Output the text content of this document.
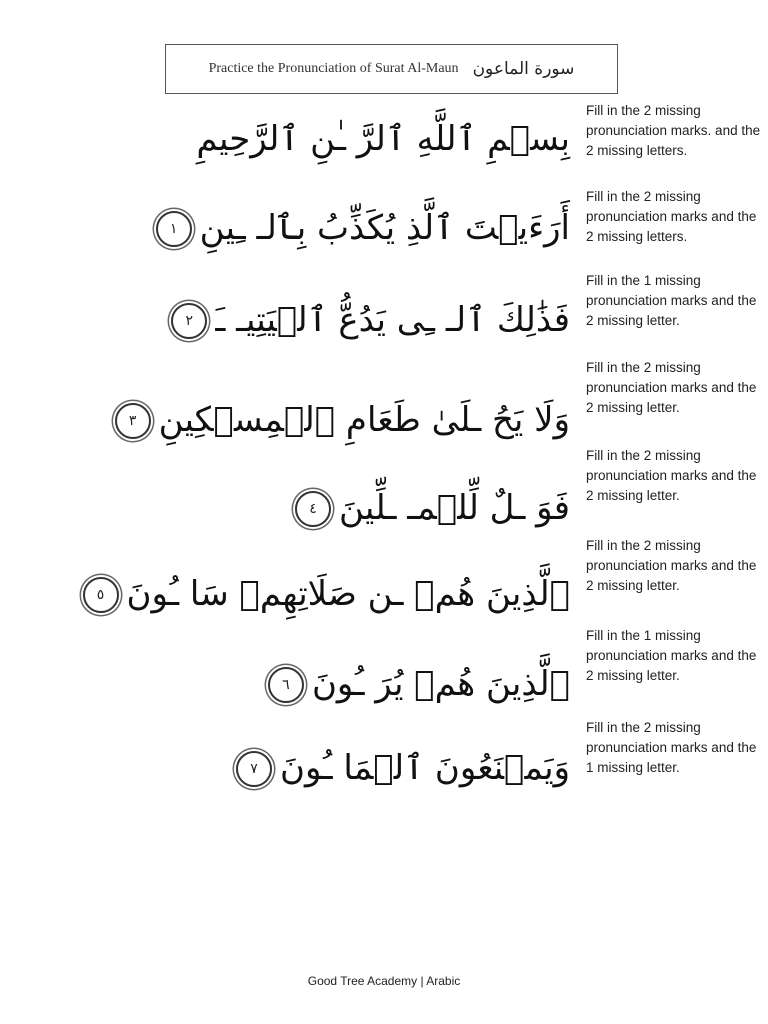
Practice the Pronunciation of Surat Al-Maun سورة الماعون
بِسۡمِ ٱللَّهِ ٱلرَّ ـٰنِ ٱلرَّحِيمِ
أَرَءَيۡتَ ٱلَّذِ يُكَذِّبُ بِٱلـ ـِينِ١
فَذَٰلِكَ ٱلـ ـِى يَدُعُّ ٱلۡيَتِيـ ـَ٢
وَلَا يَحُ ـلَىٰ طَعَامِ ٱلۡمِسۡكِينِ٣
فَوَ ـلٌ لِّلۡمـ ـلِّينَ٤
ٱلَّذِينَ هُمۡ ـن صَلَاتِهِمۡ سَا ـُونَ٥
ٱلَّذِينَ هُمۡ يُرَ ـُونَ٦
وَيَمۡنَعُونَ ٱلۡمَا ـُونَ٧
Fill in the 2 missing pronunciation marks. and the 2 missing letters.
Fill in the 2 missing pronunciation marks and the 2 missing letters.
Fill in the 1 missing pronunciation marks and the 2 missing letter.
Fill in the 2 missing pronunciation marks and the 2 missing letter.
Fill in the 2 missing pronunciation marks and the 2 missing letter.
Fill in the 2 missing pronunciation marks and the 2 missing letter.
Fill in the 1 missing pronunciation marks and the 2 missing letter.
Fill in the 2 missing pronunciation marks and the 1 missing letter.
Good Tree Academy | Arabic
